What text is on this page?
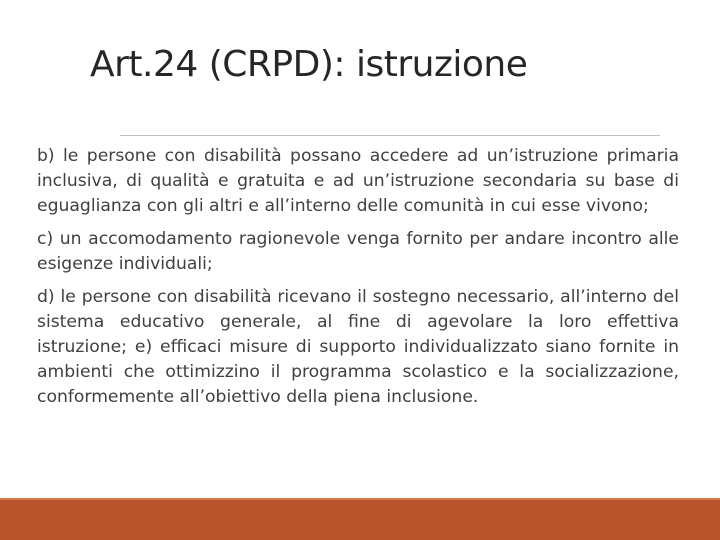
Art.24 (CRPD): istruzione

b) le persone con disabilità possano accedere ad un’istruzione primaria inclusiva, di qualità e gratuita e ad un’istruzione secondaria su base di eguaglianza con gli altri e all’interno delle comunità in cui esse vivono;

c) un accomodamento ragionevole venga fornito per andare incontro alle esigenze individuali;

d) le persone con disabilità ricevano il sostegno necessario, all’interno del sistema educativo generale, al fine di agevolare la loro effettiva istruzione; e) efficaci misure di supporto individualizzato siano fornite in ambienti che ottimizzino il programma scolastico e la socializzazione, conformemente all’obiettivo della piena inclusione.
